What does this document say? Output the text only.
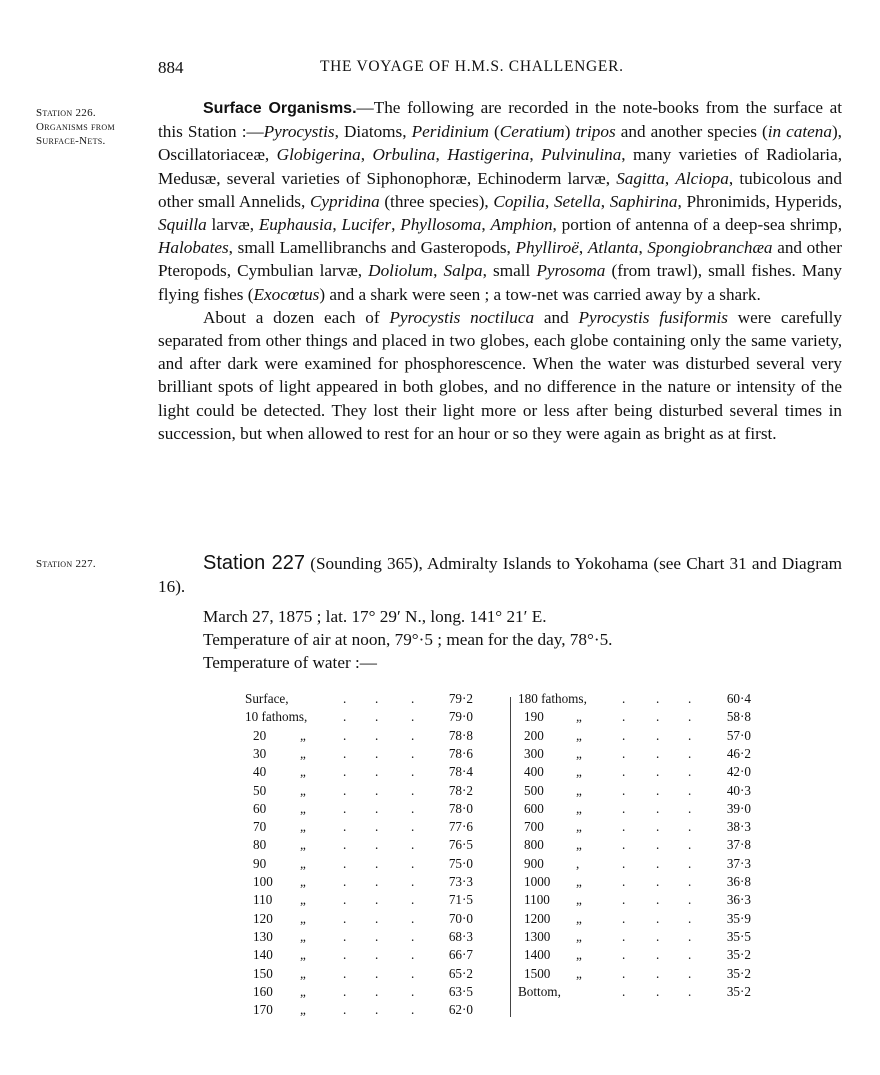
884	THE VOYAGE OF H.M.S. CHALLENGER.
Station 226.
Organisms from
Surface-Nets.

Surface Organisms.—The following are recorded in the note-books from the surface at this Station :—Pyrocystis, Diatoms, Peridinium (Ceratium) tripos and another species (in catena), Oscillatoriaceæ, Globigerina, Orbulina, Hastigerina, Pulvinulina, many varieties of Radiolaria, Medusæ, several varieties of Siphonophoræ, Echinoderm larvæ, Sagitta, Alciopa, tubicolous and other small Annelids, Cypridina (three species), Copilia, Setella, Saphirina, Phronimids, Hyperids, Squilla larvæ, Euphausia, Lucifer, Phyllosoma, Amphion, portion of antenna of a deep-sea shrimp, Halobates, small Lamellibranchs and Gasteropods, Phylliroë, Atlanta, Spongiobranchæa and other Pteropods, Cymbulian larvæ, Doliolum, Salpa, small Pyrosoma (from trawl), small fishes. Many flying fishes (Exocœtus) and a shark were seen ; a tow-net was carried away by a shark.

About a dozen each of Pyrocystis noctiluca and Pyrocystis fusiformis were carefully separated from other things and placed in two globes, each globe containing only the same variety, and after dark were examined for phosphorescence. When the water was disturbed several very brilliant spots of light appeared in both globes, and no difference in the nature or intensity of the light could be detected. They lost their light more or less after being disturbed several times in succession, but when allowed to rest for an hour or so they were again as bright as at first.

Station 227.	Station 227 (Sounding 365), Admiralty Islands to Yokohama (see Chart 31 and Diagram 16).

March 27, 1875 ; lat. 17° 29′ N., long. 141° 21′ E.
Temperature of air at noon, 79°·5 ; mean for the day, 78°·5.
Temperature of water :—
Surface,	. . .	79·2
10 fathoms,	. . .	79·0
20	„	. . .	78·8
30	„	. . .	78·6
40	„	. . .	78·4
50	„	. . .	78·2
60	„	. . .	78·0
70	„	. . .	77·6
80	„	. . .	76·5
90	„	. . .	75·0
100 „	. . .	73·3
110 „	. . .	71·5
120 „	. . .	70·0
130 „	. . .	68·3
140 „	. . .	66·7
150 „	. . .	65·2
160 „	. . .	63·5
170 „	. . .	62·0
180 fathoms,	. . .	60·4
190 „	. . .	58·8
200 „	. . .	57·0
300 „	. . .	46·2
400 „	. . .	42·0
500 „	. . .	40·3
600 „	. . .	39·0
700 „	. . .	38·3
800 „	. . .	37·8
900 ,	. . .	37·3
1000 „	. . .	36·8
1100 „	. . .	36·3
1200 „	. . .	35·9
1300 „	. . .	35·5
1400 „	. . .	35·2
1500 „	. . .	35·2
Bottom,	. . .	35·2
